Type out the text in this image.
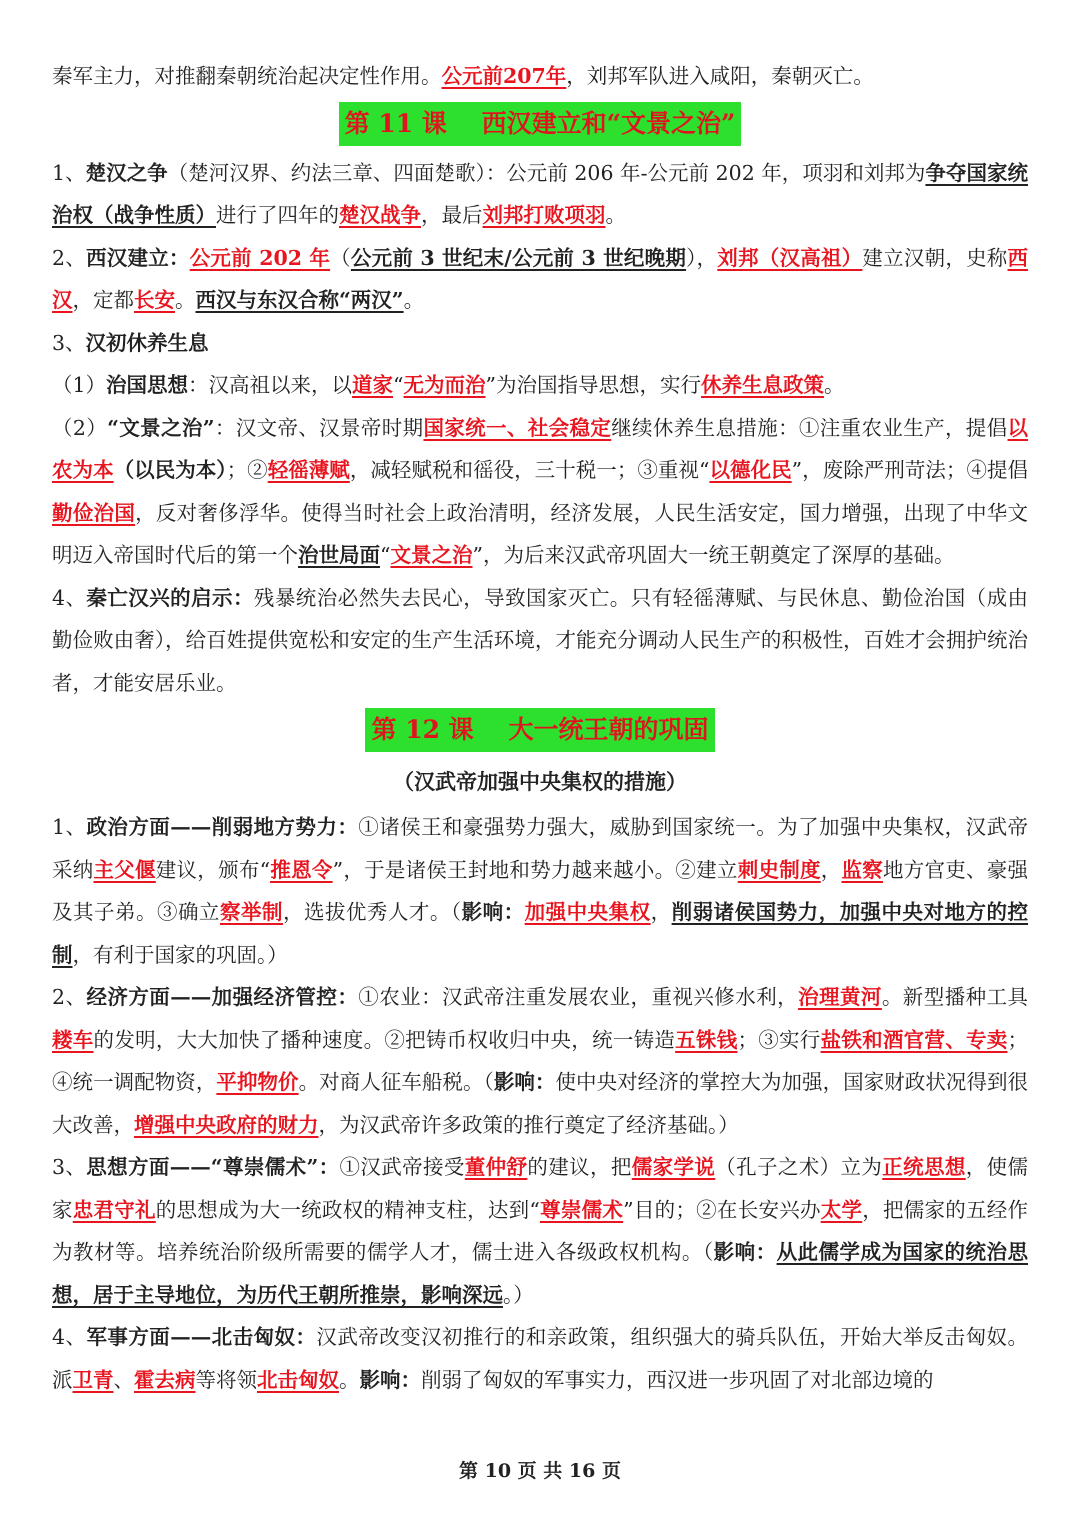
秦军主力，对推翻秦朝统治起决定性作用。公元前207年，刘邦军队进入咸阳，秦朝灭亡。

第 11 课    西汉建立和“文景之治”

1、楚汉之争（楚河汉界、约法三章、四面楚歌）：公元前 206 年-公元前 202 年，项羽和刘邦为争夺国家统治权（战争性质）进行了四年的楚汉战争，最后刘邦打败项羽。

2、西汉建立：公元前 202 年（公元前 3 世纪末/公元前 3 世纪晚期），刘邦（汉高祖）建立汉朝，史称西汉，定都长安。西汉与东汉合称“两汉”。

3、汉初休养生息

（1）治国思想：汉高祖以来，以道家“无为而治”为治国指导思想，实行休养生息政策。

（2）“文景之治”：汉文帝、汉景帝时期国家统一、社会稳定继续休养生息措施：①注重农业生产，提倡以农为本（以民为本）；②轻徭薄赋，减轻赋税和徭役，三十税一；③重视“以德化民”，废除严刑苛法；④提倡勤俭治国，反对奢侈浮华。使得当时社会上政治清明，经济发展，人民生活安定，国力增强，出现了中华文明迈入帝国时代后的第一个治世局面“文景之治”，为后来汉武帝巩固大一统王朝奠定了深厚的基础。

4、秦亡汉兴的启示：残暴统治必然失去民心，导致国家灭亡。只有轻徭薄赋、与民休息、勤俭治国（成由勤俭败由奢），给百姓提供宽松和安定的生产生活环境，才能充分调动人民生产的积极性，百姓才会拥护统治者，才能安居乐业。

第 12 课    大一统王朝的巩固
（汉武帝加强中央集权的措施）

1、政治方面——削弱地方势力：①诸侯王和豪强势力强大，威胁到国家统一。为了加强中央集权，汉武帝采纳主父偃建议，颁布“推恩令”，于是诸侯王封地和势力越来越小。②建立刺史制度，监察地方官吏、豪强及其子弟。③确立察举制，选拔优秀人才。（影响：加强中央集权，削弱诸侯国势力，加强中央对地方的控制，有利于国家的巩固。）

2、经济方面——加强经济管控：①农业：汉武帝注重发展农业，重视兴修水利，治理黄河。新型播种工具耧车的发明，大大加快了播种速度。②把铸币权收归中央，统一铸造五铢钱；③实行盐铁和酒官营、专卖；④统一调配物资，平抑物价。对商人征车船税。（影响：使中央对经济的掌控大为加强，国家财政状况得到很大改善，增强中央政府的财力，为汉武帝许多政策的推行奠定了经济基础。）

3、思想方面——“尊崇儒术”：①汉武帝接受董仲舒的建议，把儒家学说（孔子之术）立为正统思想，使儒家忠君守礼的思想成为大一统政权的精神支柱，达到“尊崇儒术”目的；②在长安兴办太学，把儒家的五经作为教材等。培养统治阶级所需要的儒学人才，儒士进入各级政权机构。（影响：从此儒学成为国家的统治思想，居于主导地位，为历代王朝所推崇，影响深远。）

4、军事方面——北击匈奴：汉武帝改变汉初推行的和亲政策，组织强大的骑兵队伍，开始大举反击匈奴。派卫青、霍去病等将领北击匈奴。影响：削弱了匈奴的军事实力，西汉进一步巩固了对北部边境的

第 10 页 共 16 页
